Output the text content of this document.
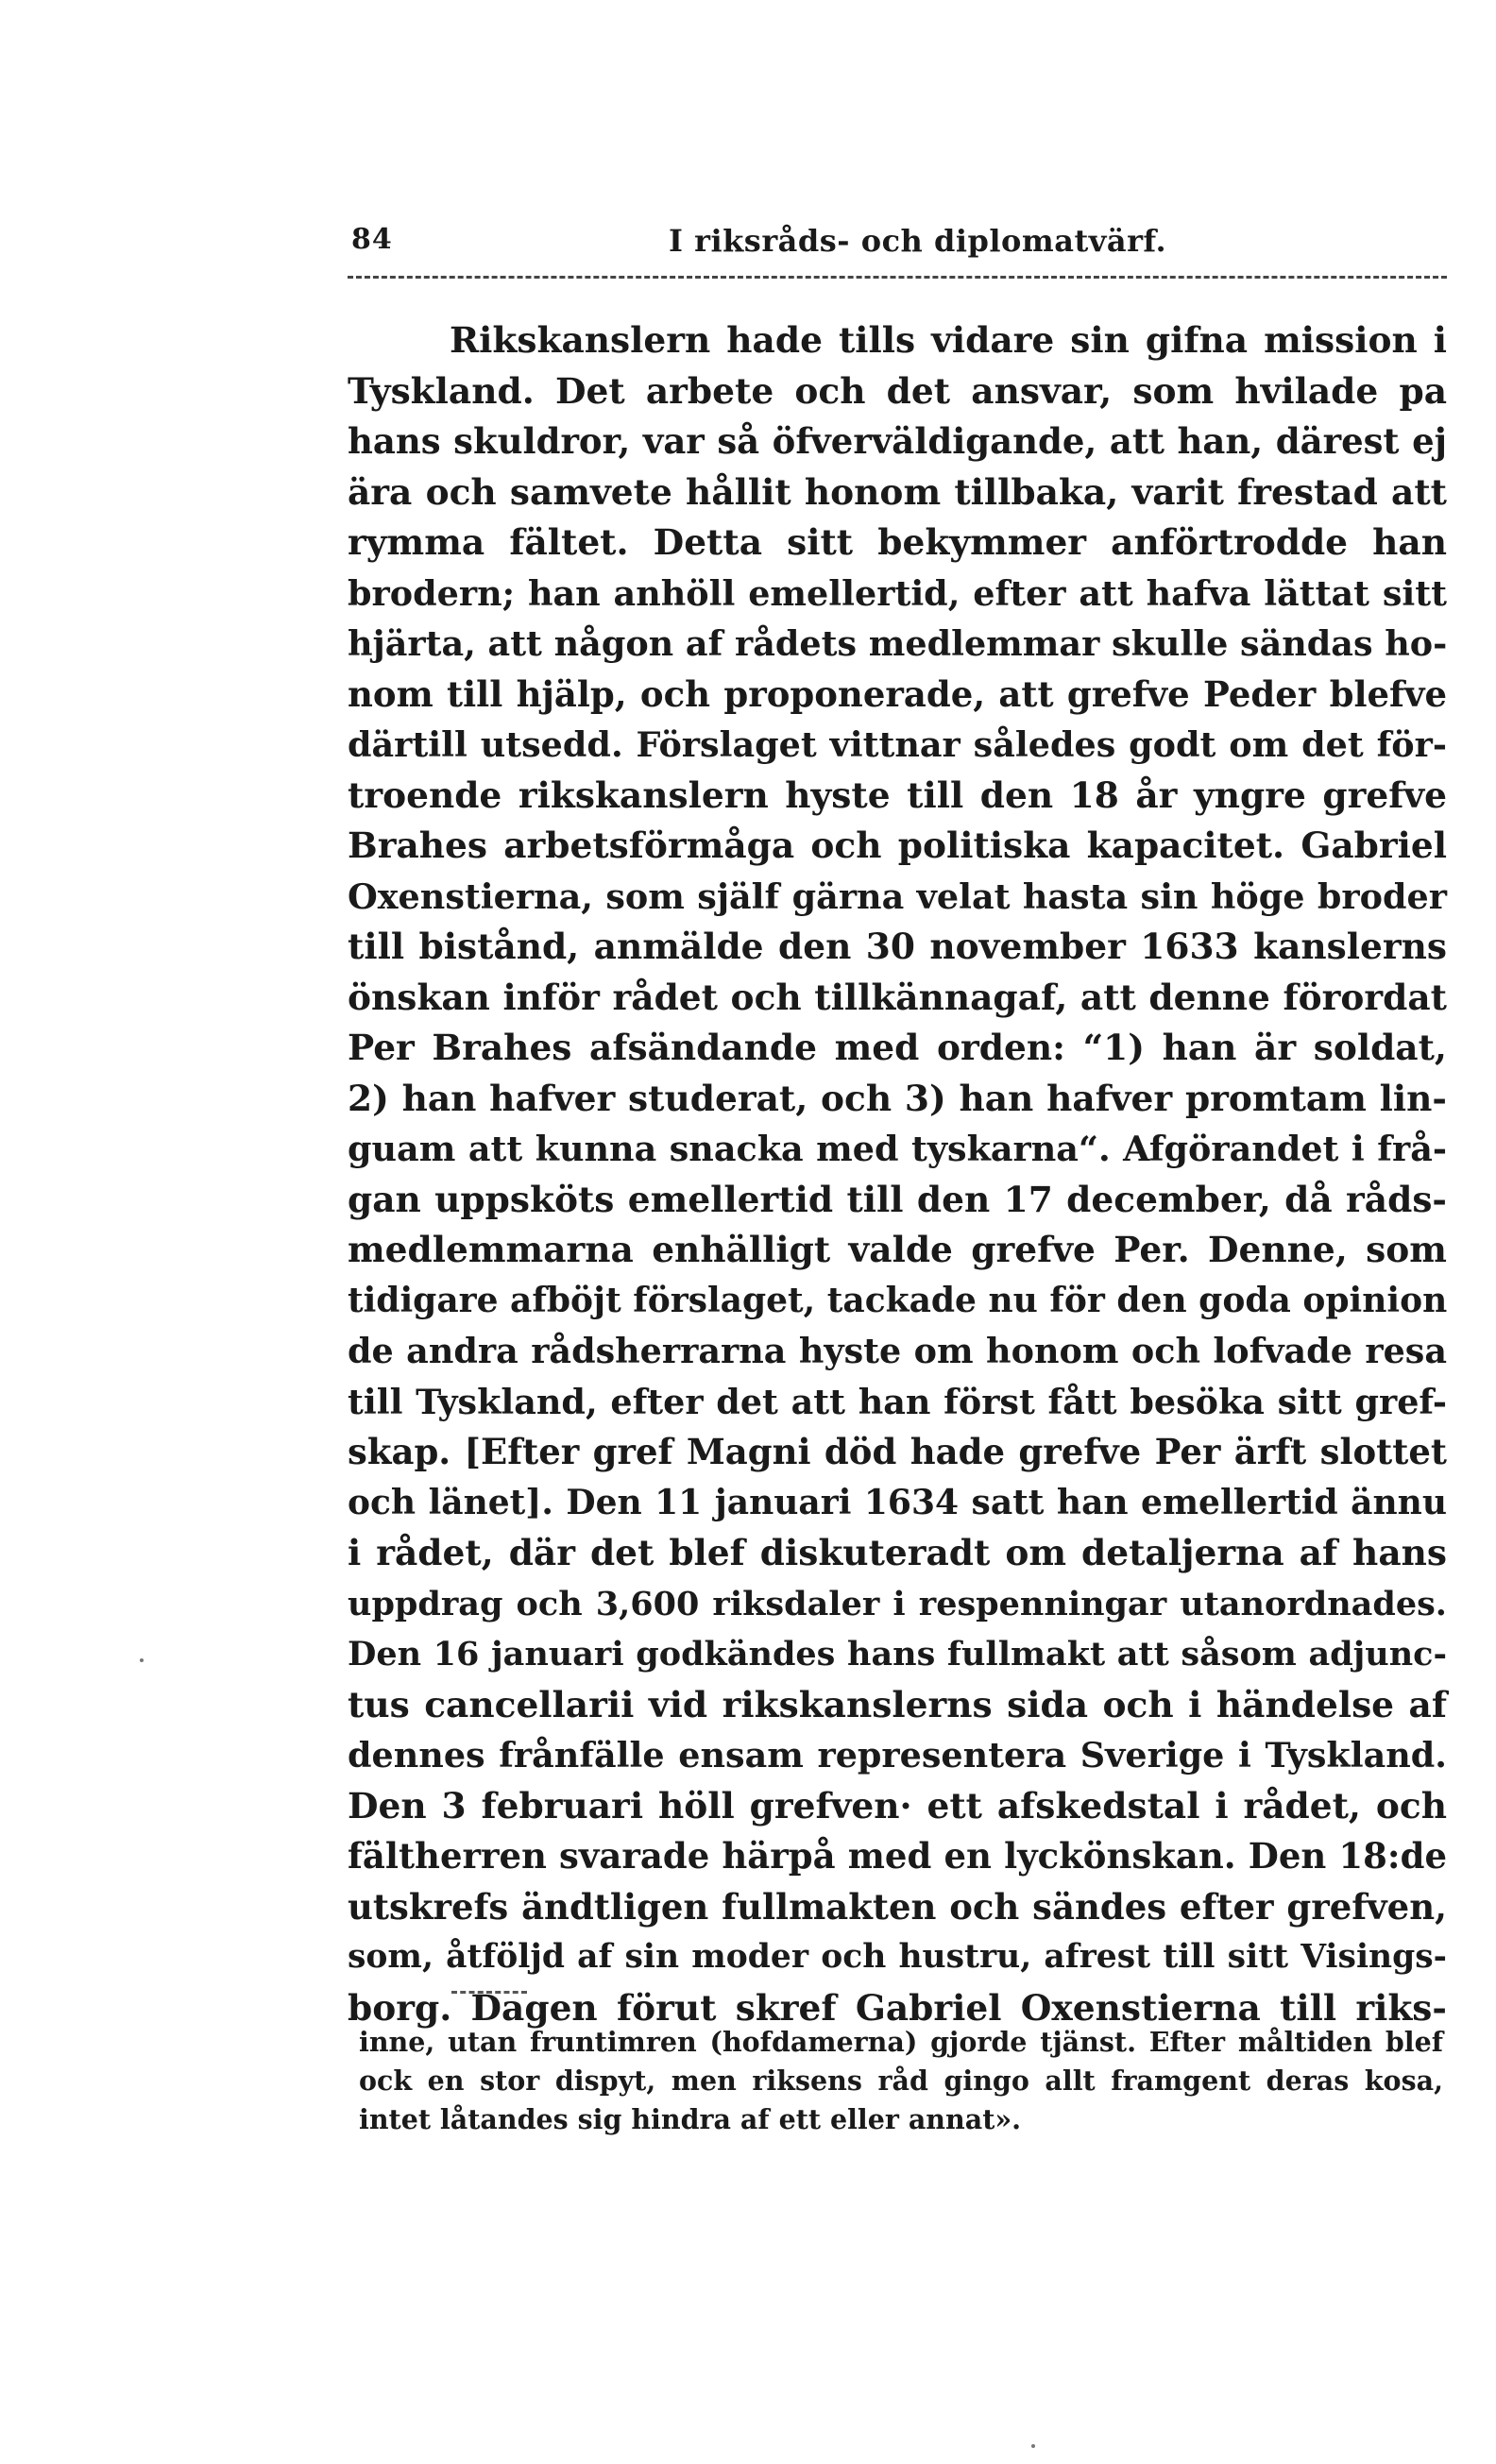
84	I riksråds- och diplomatvärf.
Rikskanslern hade tills vidare sin gifna mission i
Tyskland. Det arbete och det ansvar, som hvilade pa
hans skuldror, var så öfverväldigande, att han, därest ej
ära och samvete hållit honom tillbaka, varit frestad att
rymma fältet. Detta sitt bekymmer anförtrodde han
brodern; han anhöll emellertid, efter att hafva lättat sitt
hjärta, att någon af rådets medlemmar skulle sändas ho-
nom till hjälp, och proponerade, att grefve Peder blefve
därtill utsedd. Förslaget vittnar således godt om det för-
troende rikskanslern hyste till den 18 år yngre grefve
Brahes arbetsförmåga och politiska kapacitet. Gabriel
Oxenstierna, som själf gärna velat hasta sin höge broder
till bistånd, anmälde den 30 november 1633 kanslerns
önskan inför rådet och tillkännagaf, att denne förordat
Per Brahes afsändande med orden: “1) han är soldat,
2) han hafver studerat, och 3) han hafver promtam lin-
guam att kunna snacka med tyskarna“. Afgörandet i frå-
gan uppsköts emellertid till den 17 december, då råds-
medlemmarna enhälligt valde grefve Per. Denne, som
tidigare afböjt förslaget, tackade nu för den goda opinion
de andra rådsherrarna hyste om honom och lofvade resa
till Tyskland, efter det att han först fått besöka sitt gref-
skap. [Efter gref Magni död hade grefve Per ärft slottet
och länet]. Den 11 januari 1634 satt han emellertid ännu
i rådet, där det blef diskuteradt om detaljerna af hans
uppdrag och 3,600 riksdaler i respenningar utanordnades.
Den 16 januari godkändes hans fullmakt att såsom adjunc-
tus cancellarii vid rikskanslerns sida och i händelse af
dennes frånfälle ensam representera Sverige i Tyskland.
Den 3 februari höll grefven· ett afskedstal i rådet, och
fältherren svarade härpå med en lyckönskan. Den 18:de
utskrefs ändtligen fullmakten och sändes efter grefven,
som, åtföljd af sin moder och hustru, afrest till sitt Visings-
borg. Dagen förut skref Gabriel Oxenstierna till riks-
inne, utan fruntimren (hofdamerna) gjorde tjänst. Efter måltiden blef
ock en stor dispyt, men riksens råd gingo allt framgent deras kosa,
intet låtandes sig hindra af ett eller annat».
